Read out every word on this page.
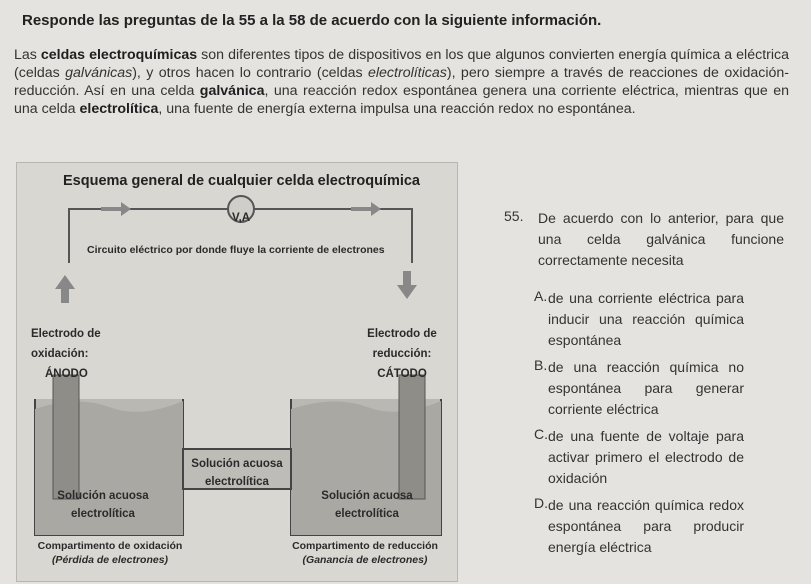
Responde las preguntas de la 55 a la 58 de acuerdo con la siguiente información.
Las celdas electroquímicas son diferentes tipos de dispositivos en los que algunos convierten energía química a eléctrica (celdas galvánicas), y otros hacen lo contrario (celdas electrolíticas), pero siempre a través de reacciones de oxidación-reducción. Así en una celda galvánica, una reacción redox espontánea genera una corriente eléctrica, mientras que en una celda electrolítica, una fuente de energía externa impulsa una reacción redox no espontánea.
Esquema general de cualquier celda electroquímica
V,A
Circuito eléctrico por donde fluye la corriente de electrones
Electrodo de
oxidación:
ÁNODO
Electrodo de
reducción:
CÁTODO
Solución acuosa
electrolítica
Solución acuosa
electrolítica
Solución acuosa
electrolítica
Compartimento de oxidación
(Pérdida de electrones)
Compartimento de reducción
(Ganancia de electrones)
55.	De acuerdo con lo anterior, para que una celda galvánica funcione correctamente necesita
A. de una corriente eléctrica para inducir una reacción química espontánea
B. de una reacción química no espontánea para generar corriente eléctrica
C. de una fuente de voltaje para activar primero el electrodo de oxidación
D. de una reacción química redox espontánea para producir energía eléctrica
